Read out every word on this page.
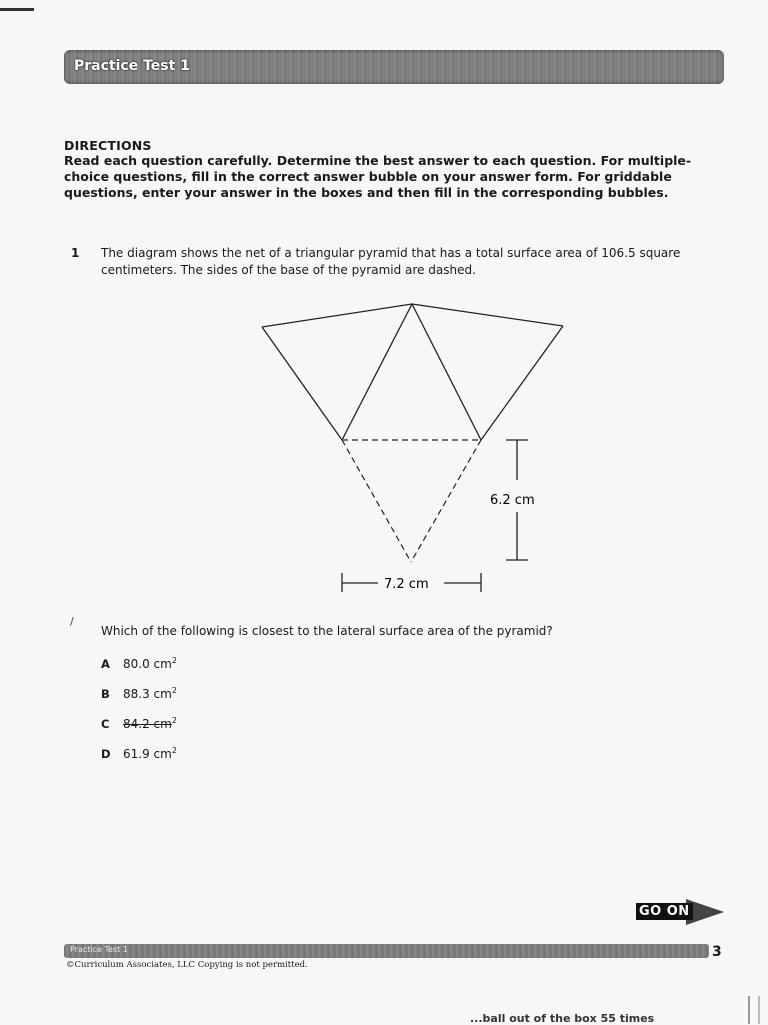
Practice Test 1
DIRECTIONS
Read each question carefully. Determine the best answer to each question. For multiple-choice questions, fill in the correct answer bubble on your answer form. For griddable questions, enter your answer in the boxes and then fill in the corresponding bubbles.
1 The diagram shows the net of a triangular pyramid that has a total surface area of 106.5 square centimeters. The sides of the base of the pyramid are dashed.
6.2 cm
7.2 cm
/
Which of the following is closest to the lateral surface area of the pyramid?
A 80.0 $cm^2$
B 88.3 $cm^2$
C 84.2 $cm^2$
D 61.9 $cm^2$
GO ON
Practice Test 1	3
©Curriculum Associates, LLC Copying is not permitted.
...ball out of the box 55 times
